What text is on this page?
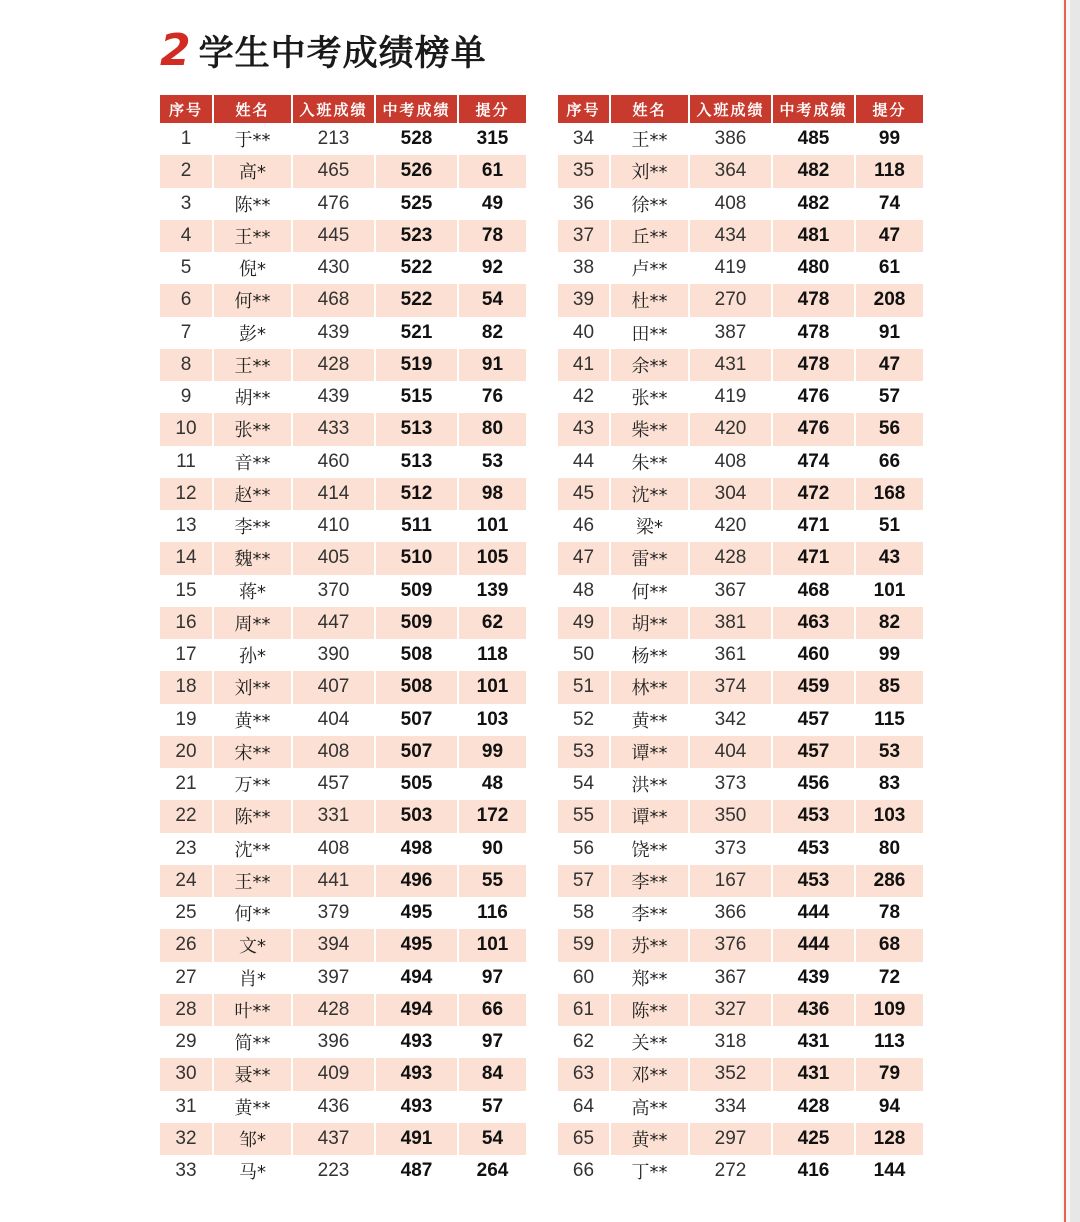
2 学生中考成绩榜单
序号	姓名	入班成绩	中考成绩	提分
1	于**	213	528	315
2	高*	465	526	61
3	陈**	476	525	49
4	王**	445	523	78
5	倪*	430	522	92
6	何**	468	522	54
7	彭*	439	521	82
8	王**	428	519	91
9	胡**	439	515	76
10	张**	433	513	80
11	音**	460	513	53
12	赵**	414	512	98
13	李**	410	511	101
14	魏**	405	510	105
15	蒋*	370	509	139
16	周**	447	509	62
17	孙*	390	508	118
18	刘**	407	508	101
19	黄**	404	507	103
20	宋**	408	507	99
21	万**	457	505	48
22	陈**	331	503	172
23	沈**	408	498	90
24	王**	441	496	55
25	何**	379	495	116
26	文*	394	495	101
27	肖*	397	494	97
28	叶**	428	494	66
29	简**	396	493	97
30	聂**	409	493	84
31	黄**	436	493	57
32	邹*	437	491	54
33	马*	223	487	264
序号	姓名	入班成绩	中考成绩	提分
34	王**	386	485	99
35	刘**	364	482	118
36	徐**	408	482	74
37	丘**	434	481	47
38	卢**	419	480	61
39	杜**	270	478	208
40	田**	387	478	91
41	余**	431	478	47
42	张**	419	476	57
43	柴**	420	476	56
44	朱**	408	474	66
45	沈**	304	472	168
46	梁*	420	471	51
47	雷**	428	471	43
48	何**	367	468	101
49	胡**	381	463	82
50	杨**	361	460	99
51	林**	374	459	85
52	黄**	342	457	115
53	谭**	404	457	53
54	洪**	373	456	83
55	谭**	350	453	103
56	饶**	373	453	80
57	李**	167	453	286
58	李**	366	444	78
59	苏**	376	444	68
60	郑**	367	439	72
61	陈**	327	436	109
62	关**	318	431	113
63	邓**	352	431	79
64	高**	334	428	94
65	黄**	297	425	128
66	丁**	272	416	144
